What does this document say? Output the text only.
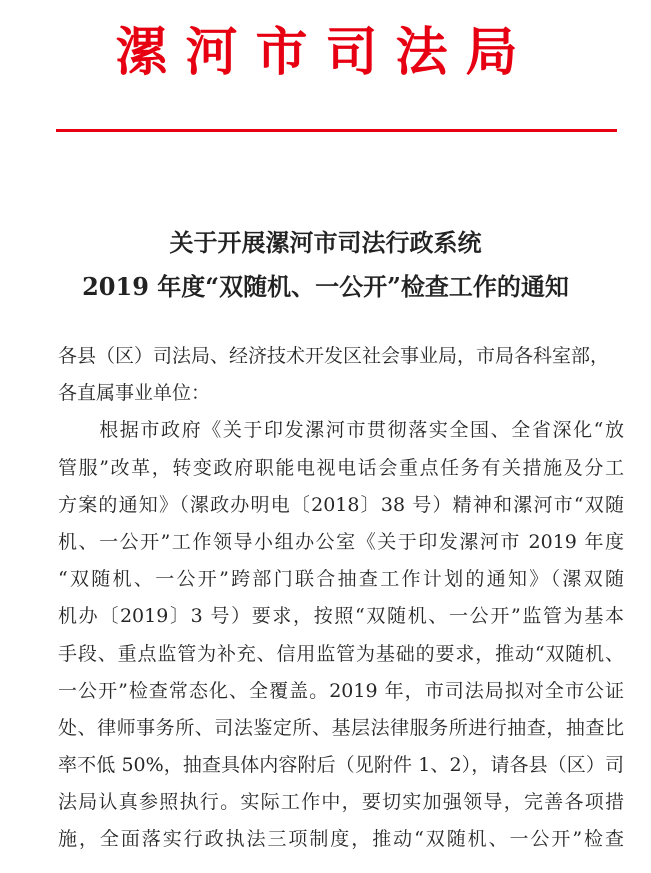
漯河市司法局
关于开展漯河市司法行政系统
2019 年度“双随机、一公开”检查工作的通知
各县（区）司法局、经济技术开发区社会事业局，市局各科室部，
各直属事业单位：
　　根据市政府《关于印发漯河市贯彻落实全国、全省深化“放
管服”改革，转变政府职能电视电话会重点任务有关措施及分工
方案的通知》（漯政办明电〔2018〕38 号）精神和漯河市“双随
机、一公开”工作领导小组办公室《关于印发漯河市 2019 年度
“双随机、一公开”跨部门联合抽查工作计划的通知》（漯双随
机办〔2019〕3 号）要求，按照“双随机、一公开”监管为基本
手段、重点监管为补充、信用监管为基础的要求，推动“双随机、
一公开”检查常态化、全覆盖。2019 年，市司法局拟对全市公证
处、律师事务所、司法鉴定所、基层法律服务所进行抽查，抽查比
率不低 50%，抽查具体内容附后（见附件 1、2），请各县（区）司
法局认真参照执行。实际工作中，要切实加强领导，完善各项措
施，全面落实行政执法三项制度，推动“双随机、一公开”检查
